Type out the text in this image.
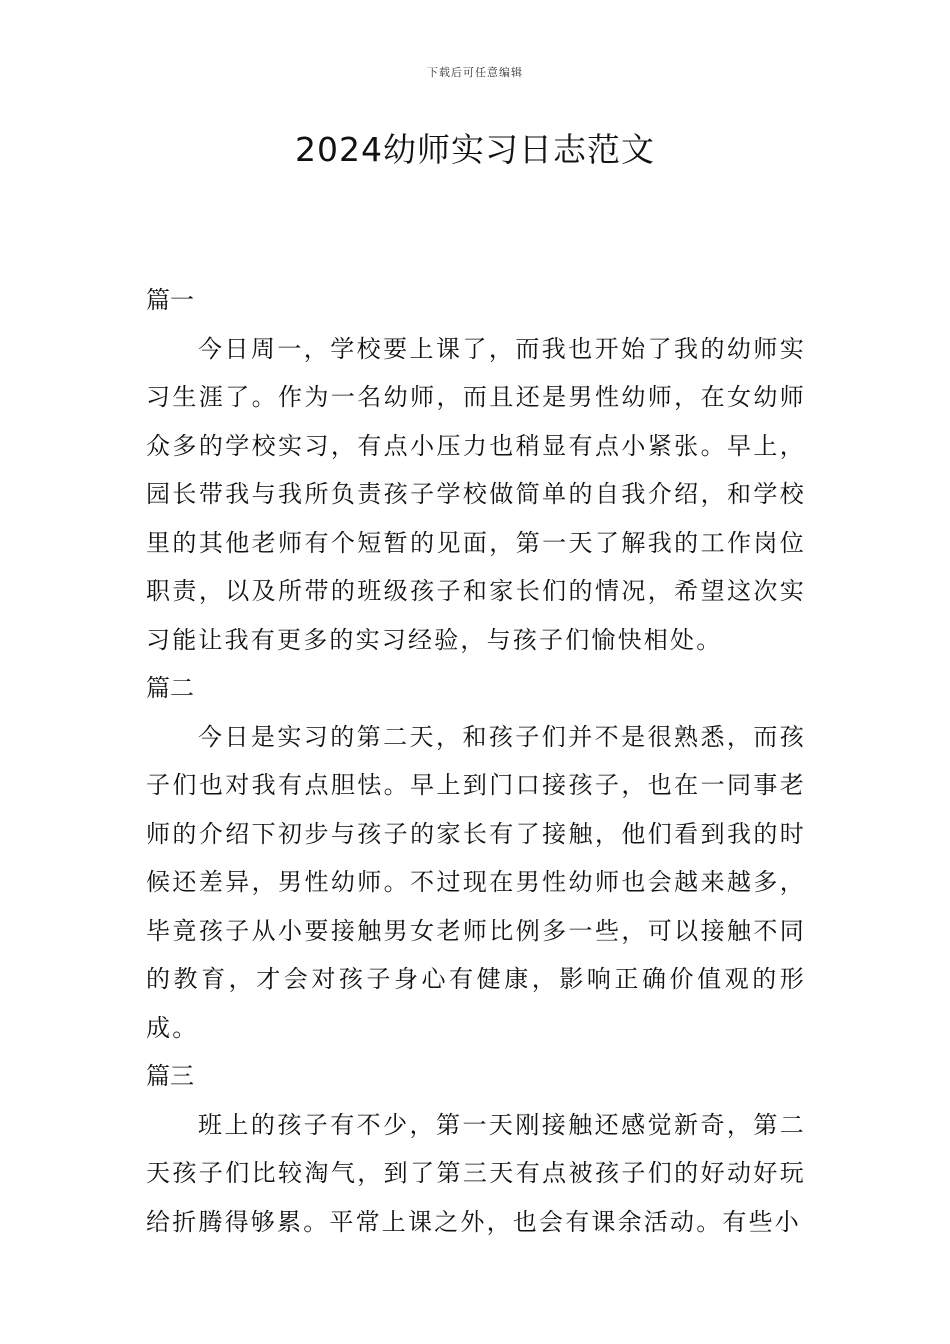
下载后可任意编辑
2024幼师实习日志范文
篇一

今日周一，学校要上课了，而我也开始了我的幼师实习生涯了。作为一名幼师，而且还是男性幼师，在女幼师众多的学校实习，有点小压力也稍显有点小紧张。早上，园长带我与我所负责孩子学校做简单的自我介绍，和学校里的其他老师有个短暂的见面，第一天了解我的工作岗位职责，以及所带的班级孩子和家长们的情况，希望这次实习能让我有更多的实习经验，与孩子们愉快相处。

篇二

今日是实习的第二天，和孩子们并不是很熟悉，而孩子们也对我有点胆怯。早上到门口接孩子，也在一同事老师的介绍下初步与孩子的家长有了接触，他们看到我的时候还差异，男性幼师。不过现在男性幼师也会越来越多，毕竟孩子从小要接触男女老师比例多一些，可以接触不同的教育，才会对孩子身心有健康，影响正确价值观的形成。

篇三

班上的孩子有不少，第一天刚接触还感觉新奇，第二天孩子们比较淘气，到了第三天有点被孩子们的好动好玩给折腾得够累。平常上课之外，也会有课余活动。有些小
